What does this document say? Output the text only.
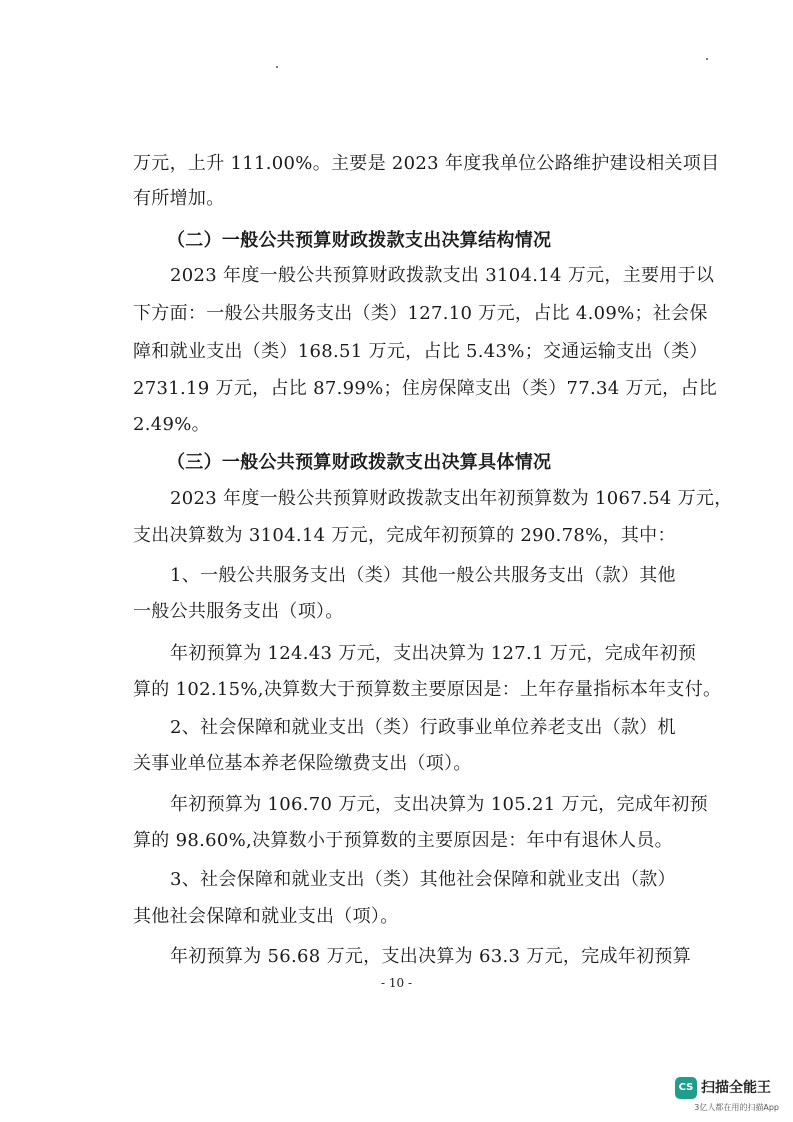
万元，上升 111.00%。主要是 2023 年度我单位公路维护建设相关项目
有所增加。
（二）一般公共预算财政拨款支出决算结构情况
2023 年度一般公共预算财政拨款支出 3104.14 万元，主要用于以
下方面：一般公共服务支出（类）127.10 万元，占比 4.09%；社会保
障和就业支出（类）168.51 万元，占比 5.43%；交通运输支出（类）
2731.19 万元，占比 87.99%；住房保障支出（类）77.34 万元，占比
2.49%。
（三）一般公共预算财政拨款支出决算具体情况
2023 年度一般公共预算财政拨款支出年初预算数为 1067.54 万元，
支出决算数为 3104.14 万元，完成年初预算的 290.78%，其中：
1、一般公共服务支出（类）其他一般公共服务支出（款）其他
一般公共服务支出（项）。
年初预算为 124.43 万元，支出决算为 127.1 万元，完成年初预
算的 102.15%,决算数大于预算数主要原因是：上年存量指标本年支付。
2、社会保障和就业支出（类）行政事业单位养老支出（款）机
关事业单位基本养老保险缴费支出（项）。
年初预算为 106.70 万元，支出决算为 105.21 万元，完成年初预
算的 98.60%,决算数小于预算数的主要原因是：年中有退休人员。
3、社会保障和就业支出（类）其他社会保障和就业支出（款）
其他社会保障和就业支出（项）。
年初预算为 56.68 万元，支出决算为 63.3 万元，完成年初预算
- 10 -
CS 扫描全能王
3亿人都在用的扫描App
